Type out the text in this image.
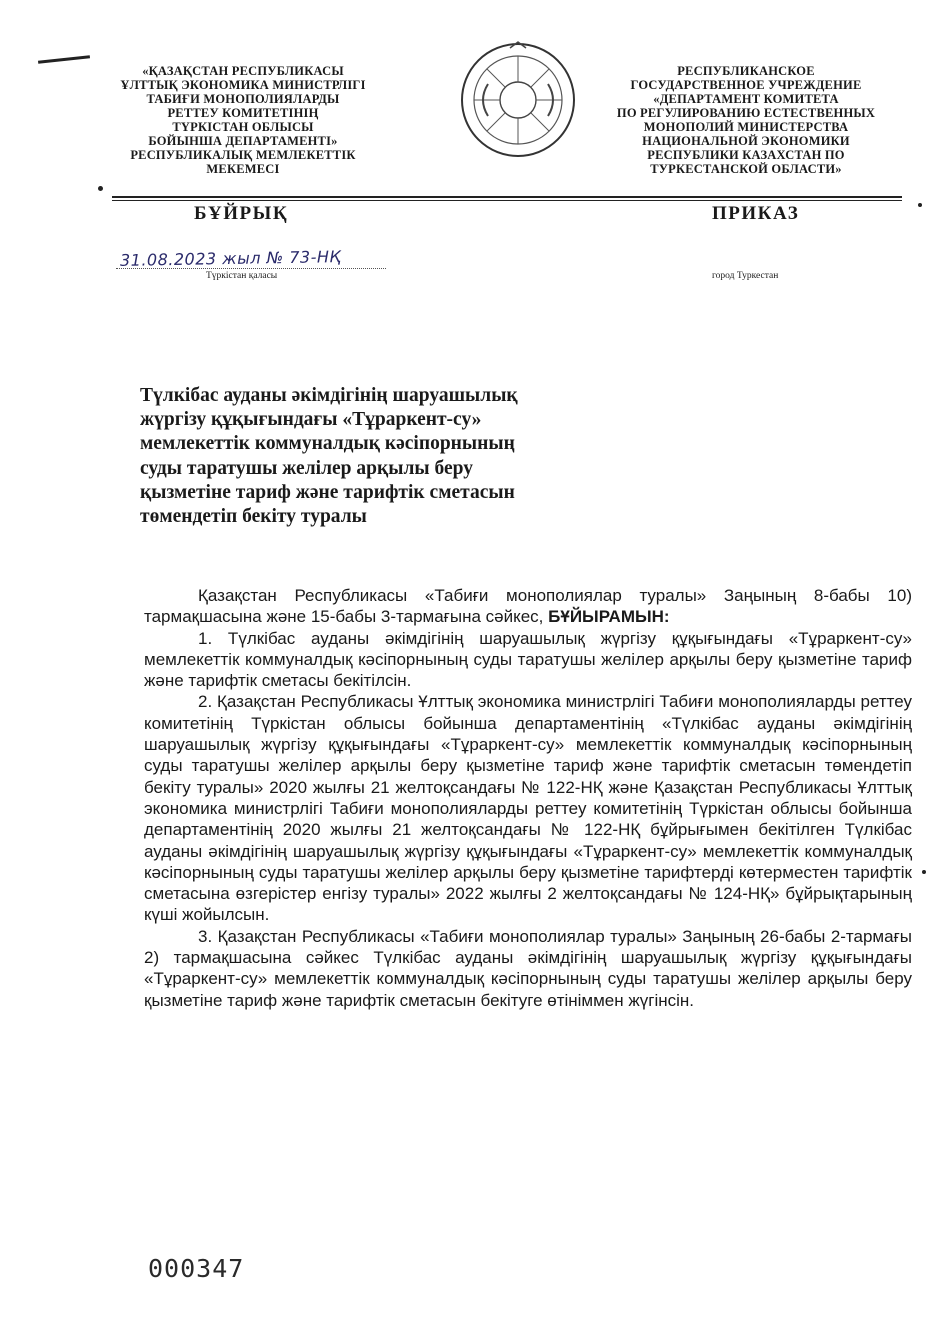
«ҚАЗАҚСТАН РЕСПУБЛИКАСЫ
ҰЛТТЫҚ ЭКОНОМИКА МИНИСТРЛІГІ
ТАБИҒИ МОНОПОЛИЯЛАРДЫ
РЕТТЕУ КОМИТЕТІНІҢ
ТҮРКІСТАН ОБЛЫСЫ
БОЙЫНША ДЕПАРТАМЕНТІ»
РЕСПУБЛИКАЛЫҚ МЕМЛЕКЕТТІК
МЕКЕМЕСІ
РЕСПУБЛИКАНСКОЕ
ГОСУДАРСТВЕННОЕ УЧРЕЖДЕНИЕ
«ДЕПАРТАМЕНТ КОМИТЕТА
ПО РЕГУЛИРОВАНИЮ ЕСТЕСТВЕННЫХ
МОНОПОЛИЙ МИНИСТЕРСТВА
НАЦИОНАЛЬНОЙ ЭКОНОМИКИ
РЕСПУБЛИКИ КАЗАХСТАН ПО
ТУРКЕСТАНСКОЙ ОБЛАСТИ»
БҰЙРЫҚ	ПРИКАЗ
31.08.2023 жыл № 73-НҚ
Түркістан қаласы	город Туркестан
Түлкібас ауданы әкімдігінің шаруашылық
жүргізу құқығындағы «Тұраркент-су»
мемлекеттік коммуналдық кәсіпорнының
суды таратушы желілер арқылы беру
қызметіне тариф және тарифтік сметасын
төмендетіп бекіту туралы

Қазақстан Республикасы «Табиғи монополиялар туралы» Заңының 8-бабы 10) тармақшасына және 15-бабы 3-тармағына сәйкес, БҰЙЫРАМЫН:

1. Түлкібас ауданы әкімдігінің шаруашылық жүргізу құқығындағы «Тұраркент-су» мемлекеттік коммуналдық кәсіпорнының суды таратушы желілер арқылы беру қызметіне тариф және тарифтік сметасы бекітілсін.

2. Қазақстан Республикасы Ұлттық экономика министрлігі Табиғи монополияларды реттеу комитетінің Түркістан облысы бойынша департаментінің «Түлкібас ауданы әкімдігінің шаруашылық жүргізу құқығындағы «Тұраркент-су» мемлекеттік коммуналдық кәсіпорнының суды таратушы желілер арқылы беру қызметіне тариф және тарифтік сметасын төмендетіп бекіту туралы» 2020 жылғы 21 желтоқсандағы № 122-НҚ және Қазақстан Республикасы Ұлттық экономика министрлігі Табиғи монополияларды реттеу комитетінің Түркістан облысы бойынша департаментінің 2020 жылғы 21 желтоқсандағы № 122-НҚ бұйрығымен бекітілген Түлкібас ауданы әкімдігінің шаруашылық жүргізу құқығындағы «Тұраркент-су» мемлекеттік коммуналдық кәсіпорнының суды таратушы желілер арқылы беру қызметіне тарифтерді көтерместен тарифтік сметасына өзгерістер енгізу туралы» 2022 жылғы 2 желтоқсандағы № 124-НҚ» бұйрықтарының күші жойылсын.

3. Қазақстан Республикасы «Табиғи монополиялар туралы» Заңының 26-бабы 2-тармағы 2) тармақшасына сәйкес Түлкібас ауданы әкімдігінің шаруашылық жүргізу құқығындағы «Тұраркент-су» мемлекеттік коммуналдық кәсіпорнының суды таратушы желілер арқылы беру қызметіне тариф және тарифтік сметасын бекітуге өтініммен жүгінсін.

000347
